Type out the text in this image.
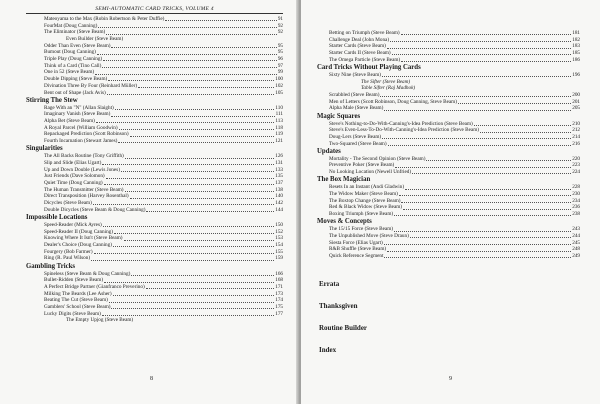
SEMI-AUTOMATIC CARD TRICKS, VOLUME 4
Mateoyama to the Max (Robin Robertson & Peter Duffie)	91
FourMat (Doug Canning)	92
The Eliminator (Steve Beam)	92
Even Builder (Steve Beam)
Odder Than Even (Steve Beam)	95
Bumout (Doug Canning)	95
Triple Play (Doug Canning)	96
Think of a Card (Tino Call)	97
One in 52 (Steve Beam)	99
Double Dipping (Steve Beam)	100
Divination Three By Four (Reinhard Müller)	102
Bent out of Shape (Jack Avis)	105
Stirring The Stew
Rage With an "N" (Allan Slaight)	110
Imaginary Vanish (Steve Beam)	111
Alpha Bet (Steve Beam)	113
A Royal Parcel (William Goodwin)	118
Repackaged Prediction (Scott Robinson)	119
Fourth Incarnation (Stewart James)	121
Singularities
The All Backs Routine (Tony Griffith)	126
Slip and Slide (Elias Ugart)	131
Up and Down Double (Lewis Jones)	133
Just Friends (Dave Solomon)	135
Quiet Time (Doug Canning)	137
The Human Transmitter (Steve Beam)	138
Direct Transposition (Harvey Rosenthal)	140
Dicycles (Steve Beam)	142
Double Dicycles (Steve Beam & Doug Canning)	144
Impossible Locations
Speed-Reader (Mick Ayres)	150
Speed-Reader II (Doug Canning)	152
Knowing Where It Isn't (Steve Beam)	153
Dealer's Choice (Doug Canning)	154
Fourgery (Bob Farmer)	155
Ring (R. Paul Wilson)	159
Gambling Tricks
Spineless (Steve Beam & Doug Canning)	166
Bullet-Ridden (Steve Beam)	168
A Perfect Bridge Partner (Gianfranco Preverino)	171
Milking The Beards (Lee Asher)	173
Beating The Cut (Steve Beam)	174
Gamblers' School (Steve Beam)	175
Lucky Digits (Steve Beam)	177
The Empty Upjog (Steve Beam)
8
Betting on Triumph (Steve Beam)	181
Challenge Deal (John Mona)	182
Starter Cards (Steve Beam)	183
Starter Cards II (Steve Beam)	185
The Omega Particle (Steve Beam)	186
Card Tricks Without Playing Cards
Sixty Nine (Steve Beam)	196
The Sifter (Steve Beam)
Table Sifter (Raj Madhok)
Scrabbled (Steve Beam)	200
Men of Letters (Scott Robinson, Doug Canning, Steve Beam)	201
Alpha Male (Steve Beam)	205
Magic Squares
Steve's Nothing-to-Do-With-Canning's-Idea Prediction (Steve Beam)	210
Steve's Even-Less-To-Do-With-Canning's-Idea Prediction (Steve Beam)	212
Doug-Lers (Steve Beam)	214
Two-Squared (Steve Beam)	216
Updates
Mortality - The Second Opinion (Steve Beam)	220
Preventive Poker (Steve Beam)	223
No Looking Location (Newell Unfried)	224
The Box Magician
Resets In an Instant (Andi Gladwin)	228
The Widow Maker (Steve Beam)	230
The Boxtop Change (Steve Beam)	234
Red & Black Widow (Steve Beam)	236
Boxing Triumph (Steve Beam)	238
Moves & Concepts
The 15/15 Force (Steve Beam)	243
The Unpublished Move (Steve Draun)	244
Siesta Force (Elias Ugart)	245
R&B Shuffle (Steve Beam)	248
Quick Reference Segment	249
Errata
Thanksgiven
Routine Builder
Index
9
